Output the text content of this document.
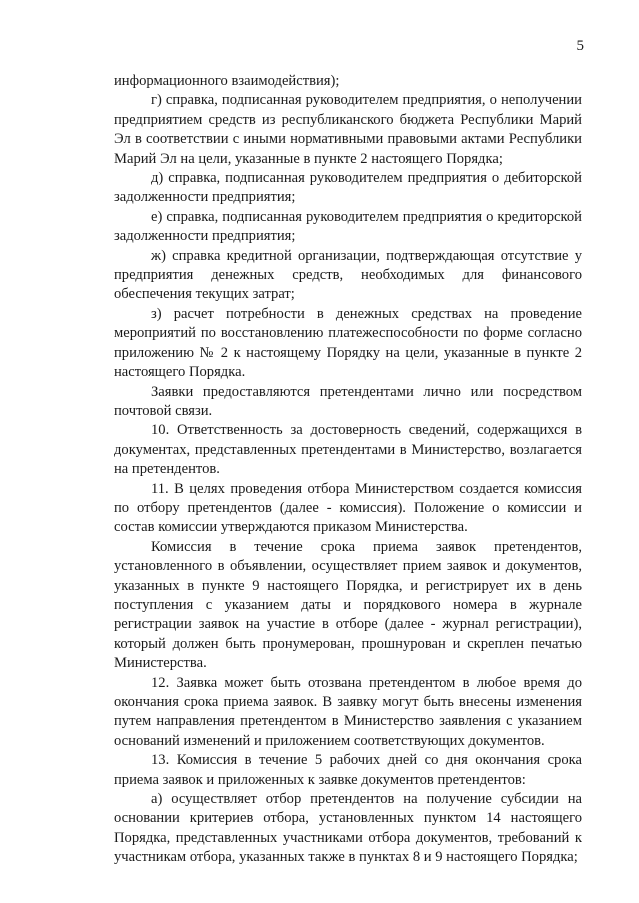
5

информационного взаимодействия);

г) справка, подписанная руководителем предприятия, о неполучении предприятием средств из республиканского бюджета Республики Марий Эл в соответствии с иными нормативными правовыми актами Республики Марий Эл на цели, указанные в пункте 2 настоящего Порядка;

д) справка, подписанная руководителем предприятия о дебиторской задолженности предприятия;

е) справка, подписанная руководителем предприятия о кредиторской задолженности предприятия;

ж) справка кредитной организации, подтверждающая отсутствие у предприятия денежных средств, необходимых для финансового обеспечения текущих затрат;

з) расчет потребности в денежных средствах на проведение мероприятий по восстановлению платежеспособности по форме согласно приложению № 2 к настоящему Порядку на цели, указанные в пункте 2 настоящего Порядка.

Заявки предоставляются претендентами лично или посредством почтовой связи.

10. Ответственность за достоверность сведений, содержащихся в документах, представленных претендентами в Министерство, возлагается на претендентов.

11. В целях проведения отбора Министерством создается комиссия по отбору претендентов (далее - комиссия). Положение о комиссии и состав комиссии утверждаются приказом Министерства.

Комиссия в течение срока приема заявок претендентов, установленного в объявлении, осуществляет прием заявок и документов, указанных в пункте 9 настоящего Порядка, и регистрирует их в день поступления с указанием даты и порядкового номера в журнале регистрации заявок на участие в отборе (далее - журнал регистрации), который должен быть пронумерован, прошнурован и скреплен печатью Министерства.

12. Заявка может быть отозвана претендентом в любое время до окончания срока приема заявок. В заявку могут быть внесены изменения путем направления претендентом в Министерство заявления с указанием оснований изменений и приложением соответствующих документов.

13. Комиссия в течение 5 рабочих дней со дня окончания срока приема заявок и приложенных к заявке документов претендентов:

а) осуществляет отбор претендентов на получение субсидии на основании критериев отбора, установленных пунктом 14 настоящего Порядка, представленных участниками отбора документов, требований к участникам отбора, указанных также в пунктах 8 и 9 настоящего Порядка;
